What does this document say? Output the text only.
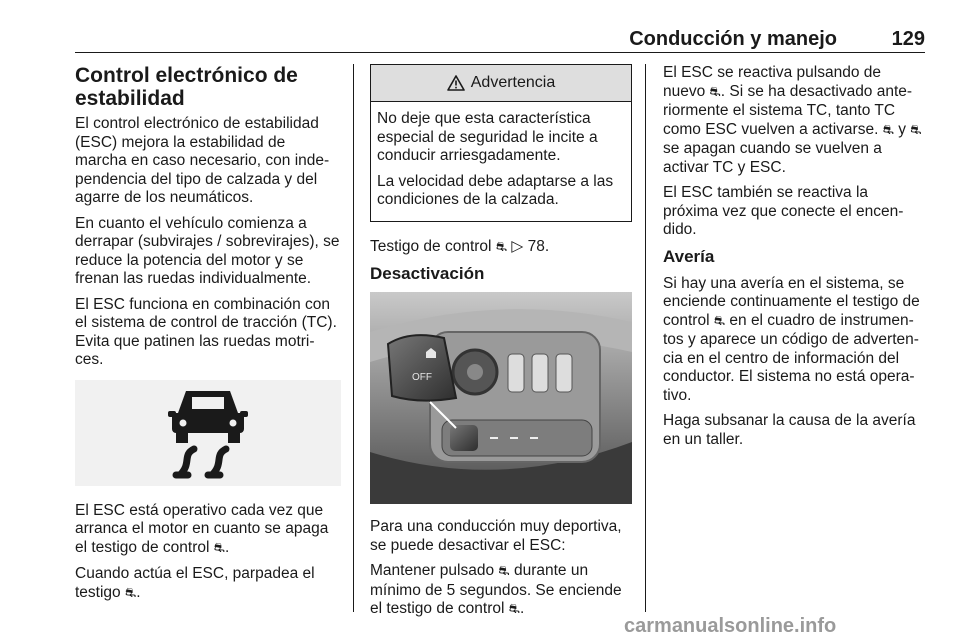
Conducción y manejo	129
Control electrónico de estabilidad

El control electrónico de estabilidad (ESC) mejora la estabilidad de marcha en caso necesario, con inde- pendencia del tipo de calzada y del agarre de los neumáticos.

En cuanto el vehículo comienza a derrapar (subvirajes / sobrevirajes), se reduce la potencia del motor y se frenan las ruedas individualmente.

El ESC funciona en combinación con el sistema de control de tracción (TC). Evita que patinen las ruedas motri- ces.

El ESC está operativo cada vez que arranca el motor en cuanto se apaga el testigo de control ⛐.

Cuando actúa el ESC, parpadea el testigo ⛐.

Advertencia

No deje que esta característica especial de seguridad le incite a conducir arriesgadamente.

La velocidad debe adaptarse a las condiciones de la calzada.

Testigo de control ⛐ ▷ 78.

Desactivación
OFF

Para una conducción muy deportiva, se puede desactivar el ESC:

Mantener pulsado ⛐ durante un mínimo de 5 segundos. Se enciende el testigo de control ⛐.

El ESC se reactiva pulsando de nuevo ⛐. Si se ha desactivado ante- riormente el sistema TC, tanto TC como ESC vuelven a activarse. ⛐ y ⛐ se apagan cuando se vuelven a activar TC y ESC.

El ESC también se reactiva la próxima vez que conecte el encen- dido.

Avería

Si hay una avería en el sistema, se enciende continuamente el testigo de control ⛐ en el cuadro de instrumen- tos y aparece un código de adverten- cia en el centro de información del conductor. El sistema no está opera- tivo.

Haga subsanar la causa de la avería en un taller.

carmanualsonline.info
